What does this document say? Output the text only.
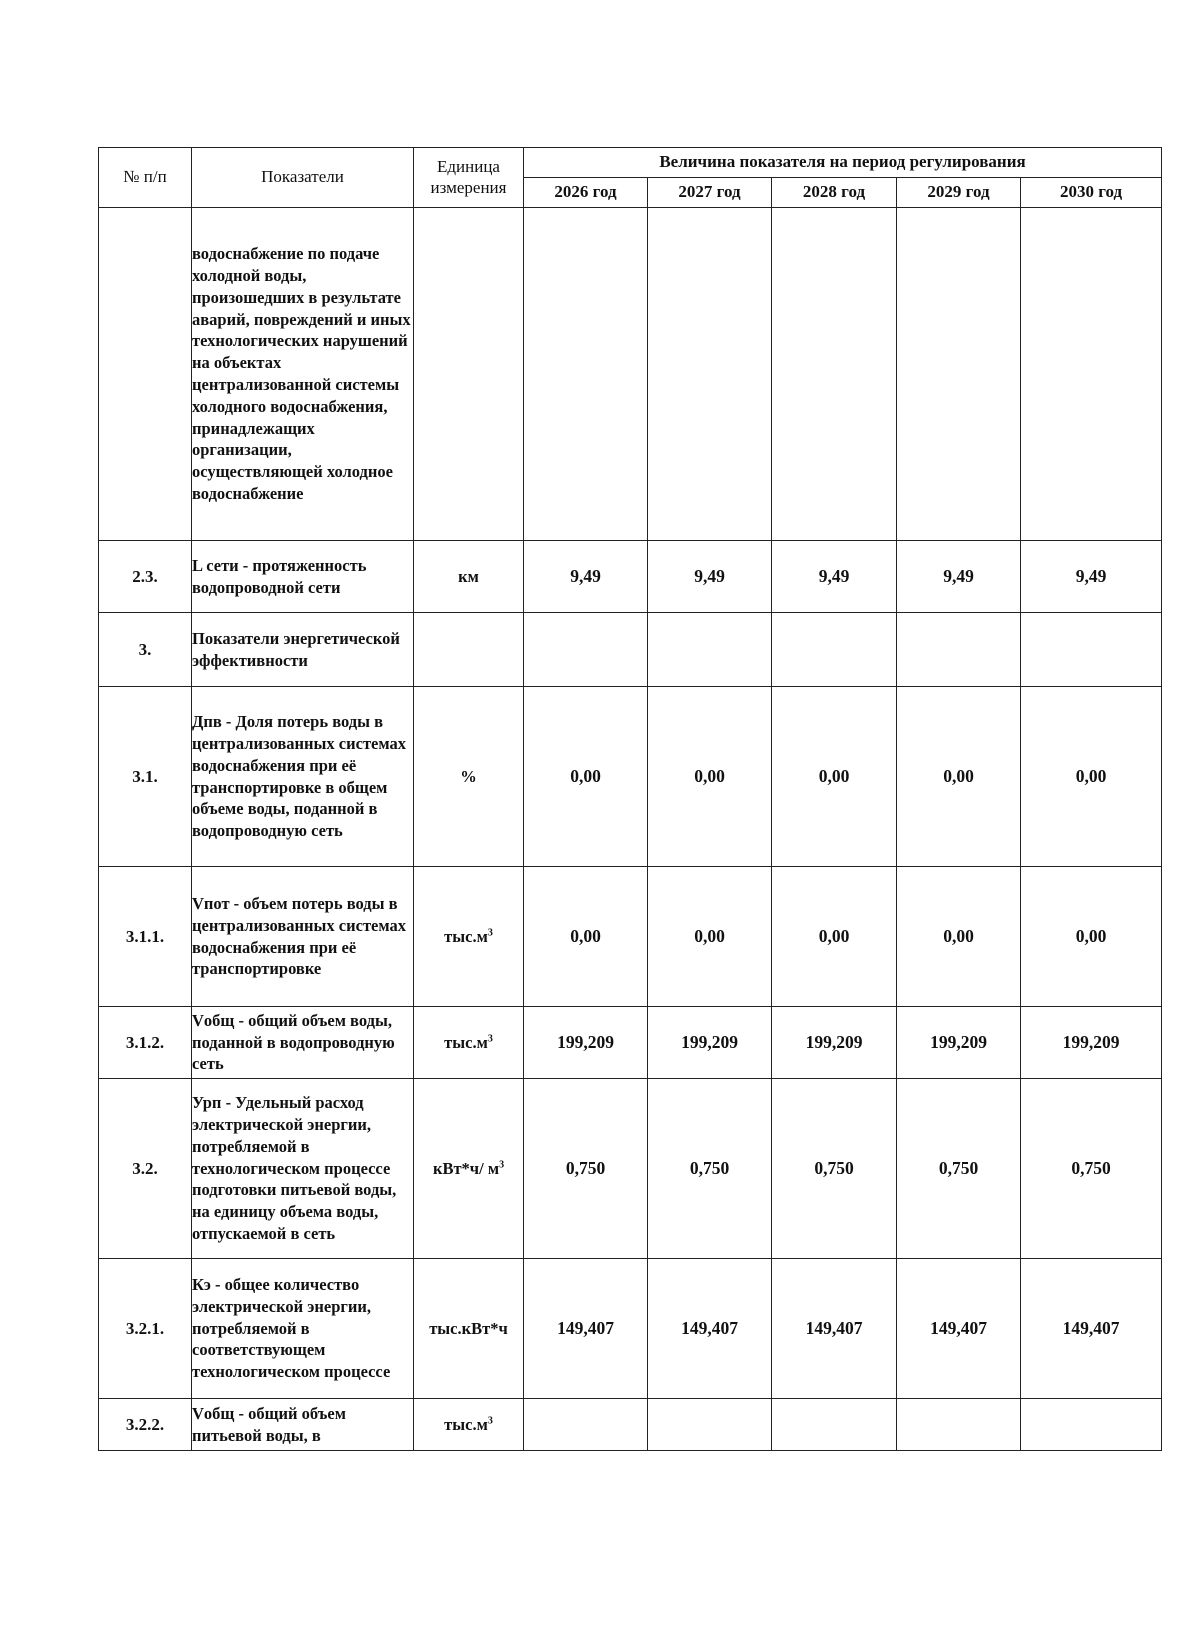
№ п/п	Показатели	Единица
измерения	Величина показателя на период регулирования				
			2026 год	2027 год	2028 год	2029 год	2030 год
	водоснабжение по подаче холодной воды, произошедших в результате аварий, повреждений и иных технологических нарушений на объектах централизованной системы холодного водоснабжения, принадлежащих организации, осуществляющей холодное водоснабжение						
2.3.	L сети - протяженность водопроводной сети	км	9,49	9,49	9,49	9,49	9,49
3.	Показатели энергетической эффективности						
3.1.	Дпв - Доля потерь воды в централизованных системах водоснабжения при её транспортировке в общем объеме воды, поданной в водопроводную сеть	%	0,00	0,00	0,00	0,00	0,00
3.1.1.	Vпот - объем потерь воды в централизованных системах водоснабжения при её транспортировке	$тыс.м^3$	0,00	0,00	0,00	0,00	0,00
3.1.2.	Vобщ - общий объем воды, поданной в водопроводную сеть	$тыс.м^3$	199,209	199,209	199,209	199,209	199,209
3.2.	Урп - Удельный расход электрической энергии, потребляемой в технологическом процессе подготовки питьевой воды, на единицу объема воды, отпускаемой в сеть	кВт*ч/ $м^3$	0,750	0,750	0,750	0,750	0,750
3.2.1.	Кэ - общее количество электрической энергии, потребляемой в соответствующем технологическом процессе	тыс.кВт*ч	149,407	149,407	149,407	149,407	149,407
3.2.2.	Vобщ - общий объем питьевой воды, в	$тыс.м^3$					
